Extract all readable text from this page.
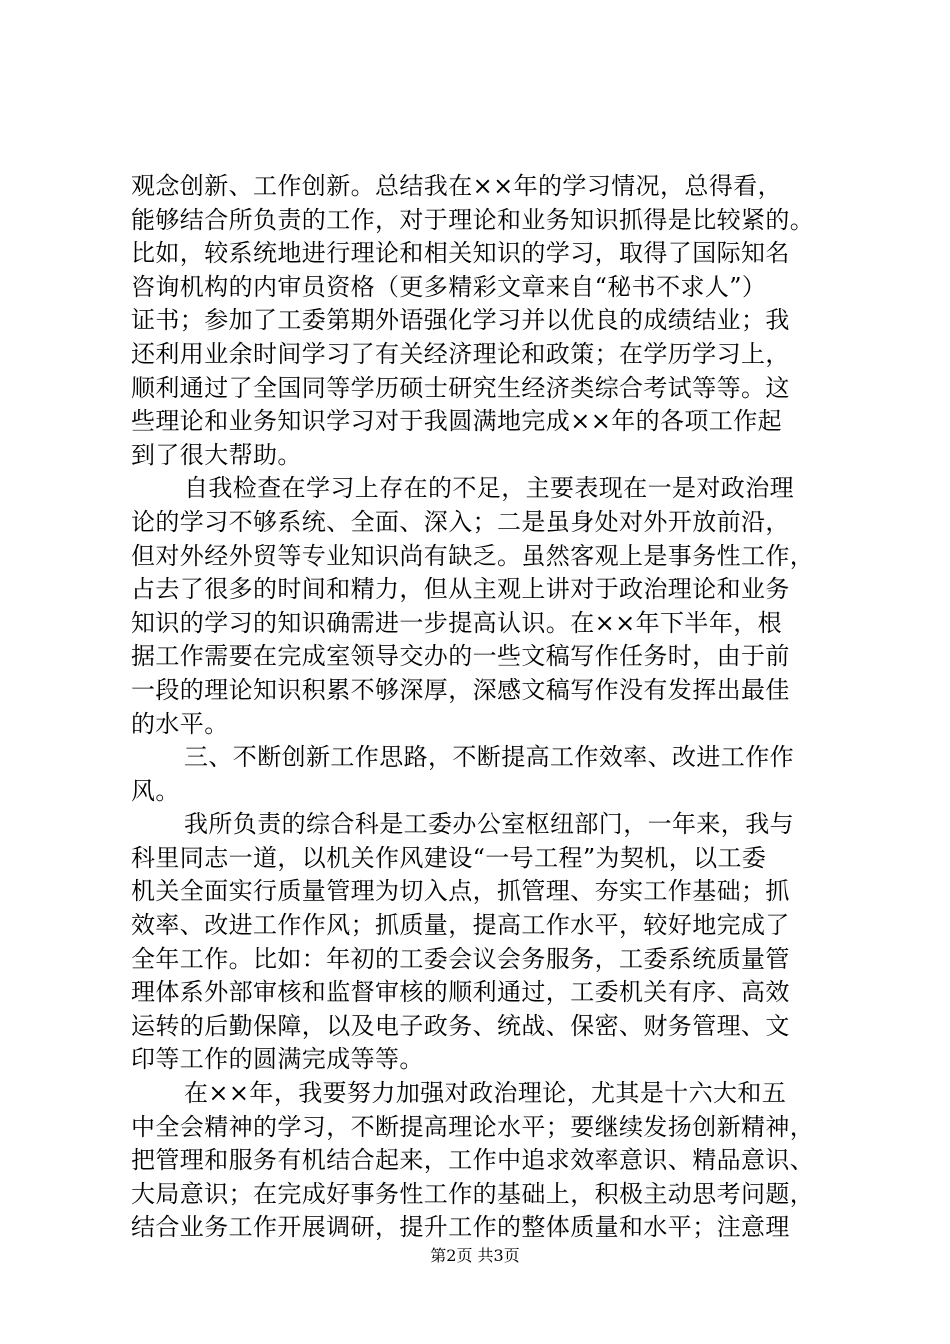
观念创新、工作创新。总结我在××年的学习情况，总得看，
能够结合所负责的工作，对于理论和业务知识抓得是比较紧的。
比如，较系统地进行理论和相关知识的学习，取得了国际知名
咨询机构的内审员资格（更多精彩文章来自“秘书不求人”）
证书；参加了工委第期外语强化学习并以优良的成绩结业；我
还利用业余时间学习了有关经济理论和政策；在学历学习上，
顺利通过了全国同等学历硕士研究生经济类综合考试等等。这
些理论和业务知识学习对于我圆满地完成××年的各项工作起
到了很大帮助。
自我检查在学习上存在的不足，主要表现在一是对政治理
论的学习不够系统、全面、深入；二是虽身处对外开放前沿，
但对外经外贸等专业知识尚有缺乏。虽然客观上是事务性工作，
占去了很多的时间和精力，但从主观上讲对于政治理论和业务
知识的学习的知识确需进一步提高认识。在××年下半年，根
据工作需要在完成室领导交办的一些文稿写作任务时，由于前
一段的理论知识积累不够深厚，深感文稿写作没有发挥出最佳
的水平。
三、不断创新工作思路，不断提高工作效率、改进工作作
风。
我所负责的综合科是工委办公室枢纽部门，一年来，我与
科里同志一道，以机关作风建设“一号工程”为契机，以工委
机关全面实行质量管理为切入点，抓管理、夯实工作基础；抓
效率、改进工作作风；抓质量，提高工作水平，较好地完成了
全年工作。比如：年初的工委会议会务服务，工委系统质量管
理体系外部审核和监督审核的顺利通过，工委机关有序、高效
运转的后勤保障，以及电子政务、统战、保密、财务管理、文
印等工作的圆满完成等等。
在××年，我要努力加强对政治理论，尤其是十六大和五
中全会精神的学习，不断提高理论水平；要继续发扬创新精神，
把管理和服务有机结合起来，工作中追求效率意识、精品意识、
大局意识；在完成好事务性工作的基础上，积极主动思考问题，
结合业务工作开展调研，提升工作的整体质量和水平；注意理
第2页 共3页
